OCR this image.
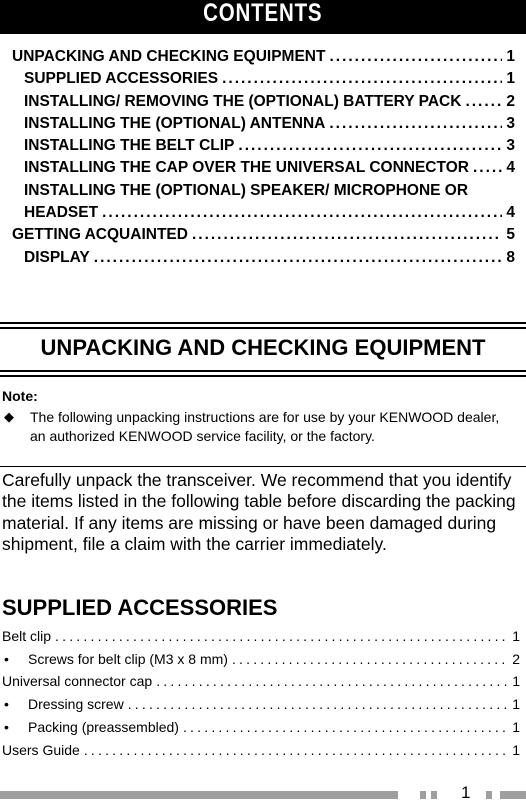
CONTENTS
UNPACKING AND CHECKING EQUIPMENT .....	1
SUPPLIED ACCESSORIES .....	1
INSTALLING/ REMOVING THE (OPTIONAL) BATTERY PACK .....	2
INSTALLING THE (OPTIONAL) ANTENNA .....	3
INSTALLING THE BELT CLIP .....	3
INSTALLING THE CAP OVER THE UNIVERSAL CONNECTOR ..... 4
INSTALLING THE (OPTIONAL) SPEAKER/ MICROPHONE OR
HEADSET .....	4
GETTING ACQUAINTED .....	5
DISPLAY .....	8
UNPACKING AND CHECKING EQUIPMENT
Note:
◆ The following unpacking instructions are for use by your KENWOOD dealer, an authorized KENWOOD service facility, or the factory.
Carefully unpack the transceiver. We recommend that you identify the items listed in the following table before discarding the packing material. If any items are missing or have been damaged during shipment, file a claim with the carrier immediately.
SUPPLIED ACCESSORIES
Belt clip .....	1
• Screws for belt clip (M3 x 8 mm) .....	2
Universal connector cap .....	1
• Dressing screw .....	1
• Packing (preassembled) .....	1
Users Guide .....	1
1
